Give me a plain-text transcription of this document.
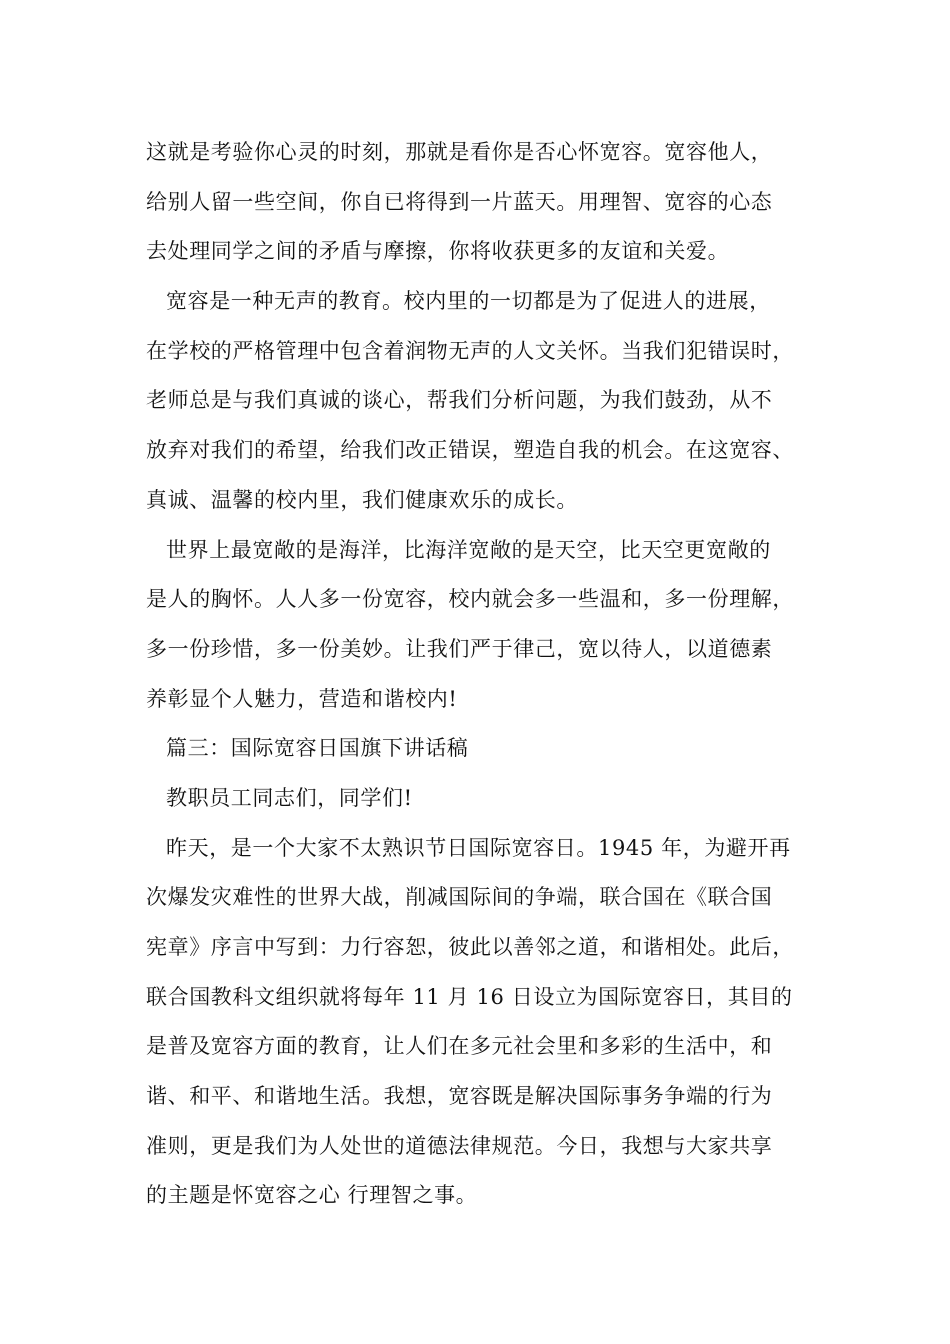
这就是考验你心灵的时刻，那就是看你是否心怀宽容。宽容他人，
给别人留一些空间，你自已将得到一片蓝天。用理智、宽容的心态
去处理同学之间的矛盾与摩擦，你将收获更多的友谊和关爱。
宽容是一种无声的教育。校内里的一切都是为了促进人的进展，
在学校的严格管理中包含着润物无声的人文关怀。当我们犯错误时，
老师总是与我们真诚的谈心，帮我们分析问题，为我们鼓劲，从不
放弃对我们的希望，给我们改正错误，塑造自我的机会。在这宽容、
真诚、温馨的校内里，我们健康欢乐的成长。
世界上最宽敞的是海洋，比海洋宽敞的是天空，比天空更宽敞的
是人的胸怀。人人多一份宽容，校内就会多一些温和，多一份理解，
多一份珍惜，多一份美妙。让我们严于律己，宽以待人，以道德素
养彰显个人魅力，营造和谐校内!
篇三：国际宽容日国旗下讲话稿
教职员工同志们，同学们!
昨天，是一个大家不太熟识节日国际宽容日。1945 年，为避开再
次爆发灾难性的世界大战，削减国际间的争端，联合国在《联合国
宪章》序言中写到：力行容恕，彼此以善邻之道，和谐相处。此后，
联合国教科文组织就将每年 11 月 16 日设立为国际宽容日，其目的
是普及宽容方面的教育，让人们在多元社会里和多彩的生活中，和
谐、和平、和谐地生活。我想，宽容既是解决国际事务争端的行为
准则，更是我们为人处世的道德法律规范。今日，我想与大家共享
的主题是怀宽容之心 行理智之事。
